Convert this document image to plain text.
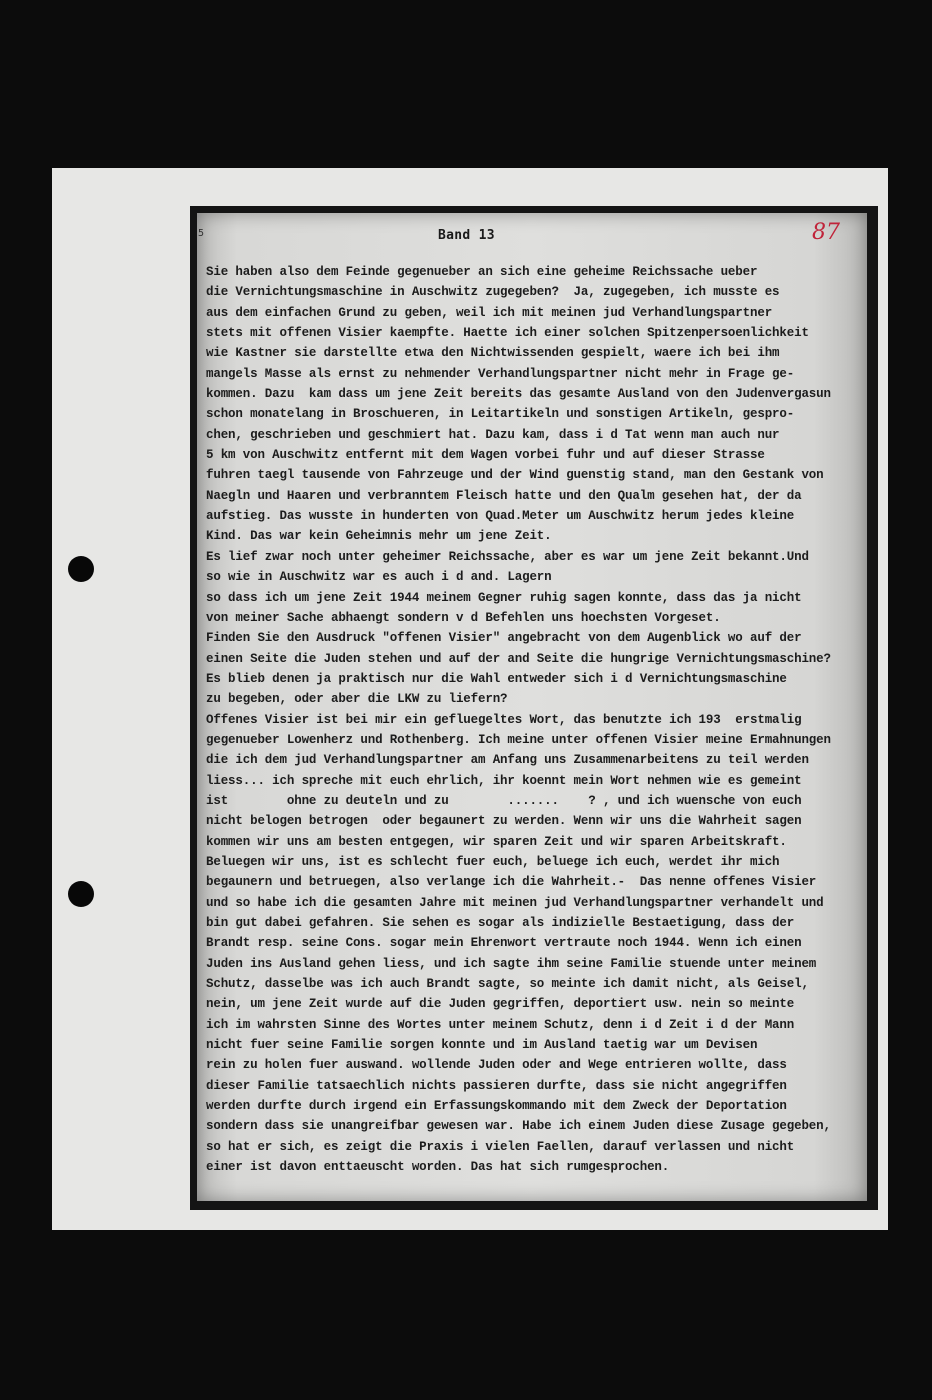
5	Band 13	87
Sie haben also dem Feinde gegenueber an sich eine geheime Reichssache ueber
die Vernichtungsmaschine in Auschwitz zugegeben?  Ja, zugegeben, ich musste es
aus dem einfachen Grund zu geben, weil ich mit meinen jud Verhandlungspartner
stets mit offenen Visier kaempfte. Haette ich einer solchen Spitzenpersoenlichkeit
wie Kastner sie darstellte etwa den Nichtwissenden gespielt, waere ich bei ihm
mangels Masse als ernst zu nehmender Verhandlungspartner nicht mehr in Frage ge-
kommen. Dazu  kam dass um jene Zeit bereits das gesamte Ausland von den Judenvergasun
schon monatelang in Broschueren, in Leitartikeln und sonstigen Artikeln, gespro-
chen, geschrieben und geschmiert hat. Dazu kam, dass i d Tat wenn man auch nur
5 km von Auschwitz entfernt mit dem Wagen vorbei fuhr und auf dieser Strasse
fuhren taegl tausende von Fahrzeuge und der Wind guenstig stand, man den Gestank von
Naegln und Haaren und verbranntem Fleisch hatte und den Qualm gesehen hat, der da
aufstieg. Das wusste in hunderten von Quad.Meter um Auschwitz herum jedes kleine
Kind. Das war kein Geheimnis mehr um jene Zeit.
Es lief zwar noch unter geheimer Reichssache, aber es war um jene Zeit bekannt.Und
so wie in Auschwitz war es auch i d and. Lagern
so dass ich um jene Zeit 1944 meinem Gegner ruhig sagen konnte, dass das ja nicht
von meiner Sache abhaengt sondern v d Befehlen uns hoechsten Vorgeset.
Finden Sie den Ausdruck "offenen Visier" angebracht von dem Augenblick wo auf der
einen Seite die Juden stehen und auf der and Seite die hungrige Vernichtungsmaschine?
Es blieb denen ja praktisch nur die Wahl entweder sich i d Vernichtungsmaschine
zu begeben, oder aber die LKW zu liefern?
Offenes Visier ist bei mir ein gefluegeltes Wort, das benutzte ich 193  erstmalig
gegenueber Lowenherz und Rothenberg. Ich meine unter offenen Visier meine Ermahnungen
die ich dem jud Verhandlungspartner am Anfang uns Zusammenarbeitens zu teil werden
liess... ich spreche mit euch ehrlich, ihr koennt mein Wort nehmen wie es gemeint
ist        ohne zu deuteln und zu        .......    ? , und ich wuensche von euch
nicht belogen betrogen  oder begaunert zu werden. Wenn wir uns die Wahrheit sagen
kommen wir uns am besten entgegen, wir sparen Zeit und wir sparen Arbeitskraft.
Beluegen wir uns, ist es schlecht fuer euch, beluege ich euch, werdet ihr mich
begaunern und betruegen, also verlange ich die Wahrheit.-  Das nenne offenes Visier
und so habe ich die gesamten Jahre mit meinen jud Verhandlungspartner verhandelt und
bin gut dabei gefahren. Sie sehen es sogar als indizielle Bestaetigung, dass der
Brandt resp. seine Cons. sogar mein Ehrenwort vertraute noch 1944. Wenn ich einen
Juden ins Ausland gehen liess, und ich sagte ihm seine Familie stuende unter meinem
Schutz, dasselbe was ich auch Brandt sagte, so meinte ich damit nicht, als Geisel,
nein, um jene Zeit wurde auf die Juden gegriffen, deportiert usw. nein so meinte
ich im wahrsten Sinne des Wortes unter meinem Schutz, denn i d Zeit i d der Mann
nicht fuer seine Familie sorgen konnte und im Ausland taetig war um Devisen
rein zu holen fuer auswand. wollende Juden oder and Wege entrieren wollte, dass
dieser Familie tatsaechlich nichts passieren durfte, dass sie nicht angegriffen
werden durfte durch irgend ein Erfassungskommando mit dem Zweck der Deportation
sondern dass sie unangreifbar gewesen war. Habe ich einem Juden diese Zusage gegeben,
so hat er sich, es zeigt die Praxis i vielen Faellen, darauf verlassen und nicht
einer ist davon enttaeuscht worden. Das hat sich rumgesprochen.
